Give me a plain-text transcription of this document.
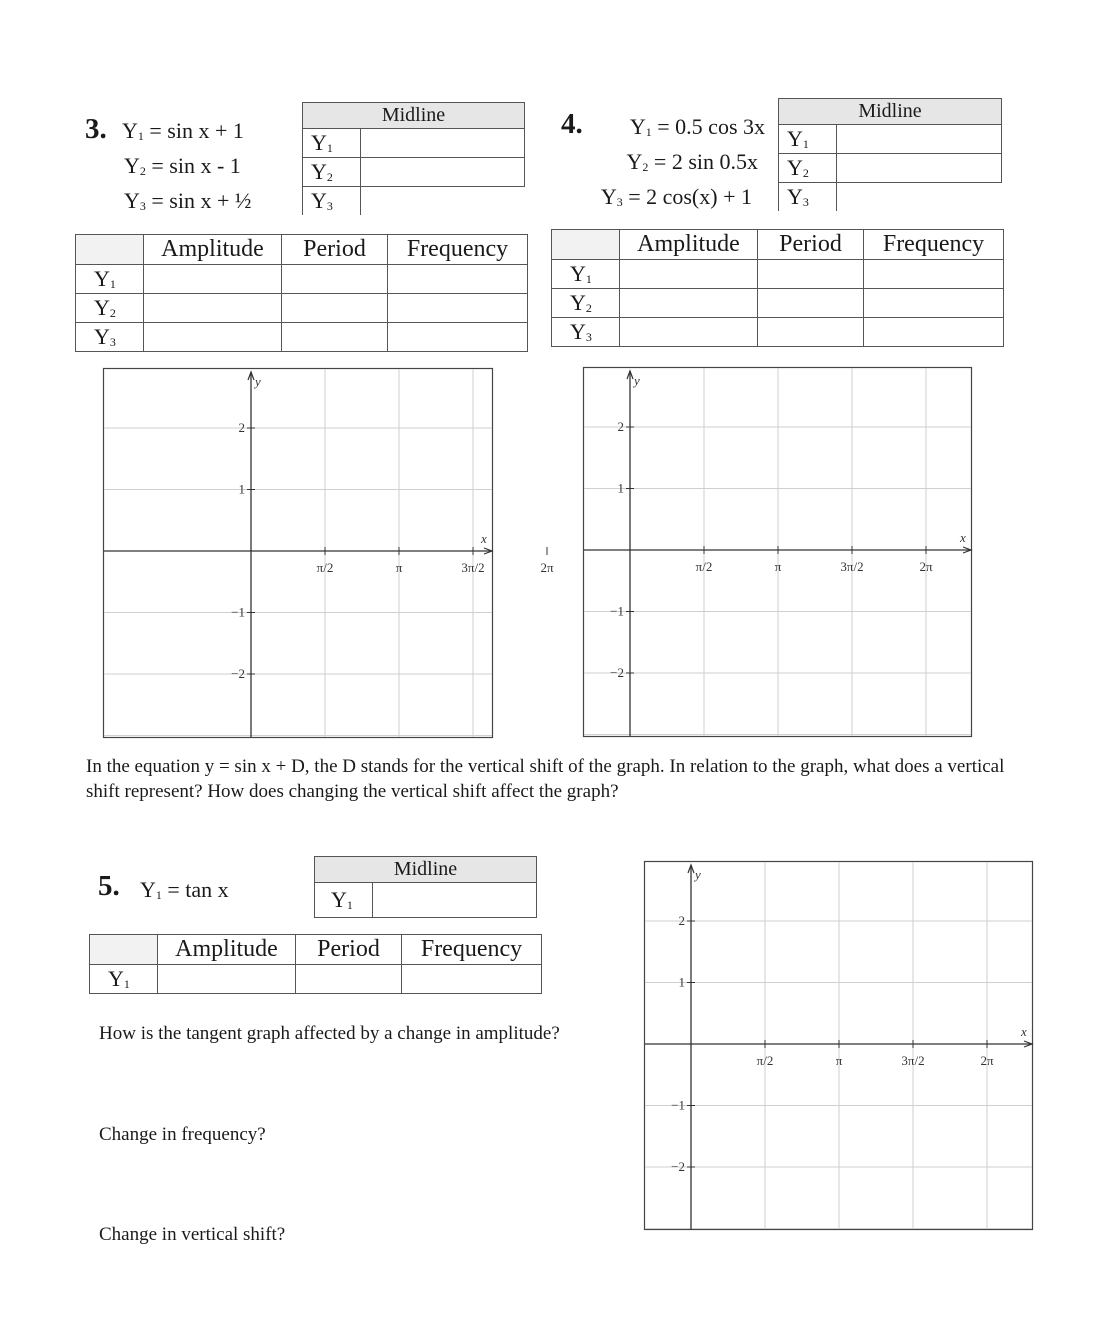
3. $Y_1 = \sin x + 1$
$Y_2 = \sin x - 1$
$Y_3 = \sin x$ + ½
Midline	
$Y_1$	
$Y_2$	
$Y_3$	
	Amplitude	Period	Frequency
$Y_1$			
$Y_2$			
$Y_3$			
y
x
2
1
−1
−2
π/2	π	3π/2	2π
4.	$Y_1 = 0.5$ cos 3x
$Y_2 = 2$ sin 0.5x
$Y_3 = 2$ cos(x) + 1
Midline	
$Y_1$	
$Y_2$	
$Y_3$	
	Amplitude	Period	Frequency
$Y_1$			
$Y_2$			
$Y_3$			
y
x
2
1
−1
−2
π/2	π	3π/2	2π
In the equation y = sin x + D, the D stands for the vertical shift of the graph. In relation to the graph, what does a vertical shift represent? How does changing the vertical shift affect the graph?
5. $Y_1 = \tan x$
Midline
$Y_1$	
	Amplitude	Period	Frequency
$Y_1$			
How is the tangent graph affected by a change in amplitude?
Change in frequency?
Change in vertical shift?
y
x
2
1
−1
−2
π/2	π	3π/2	2π
